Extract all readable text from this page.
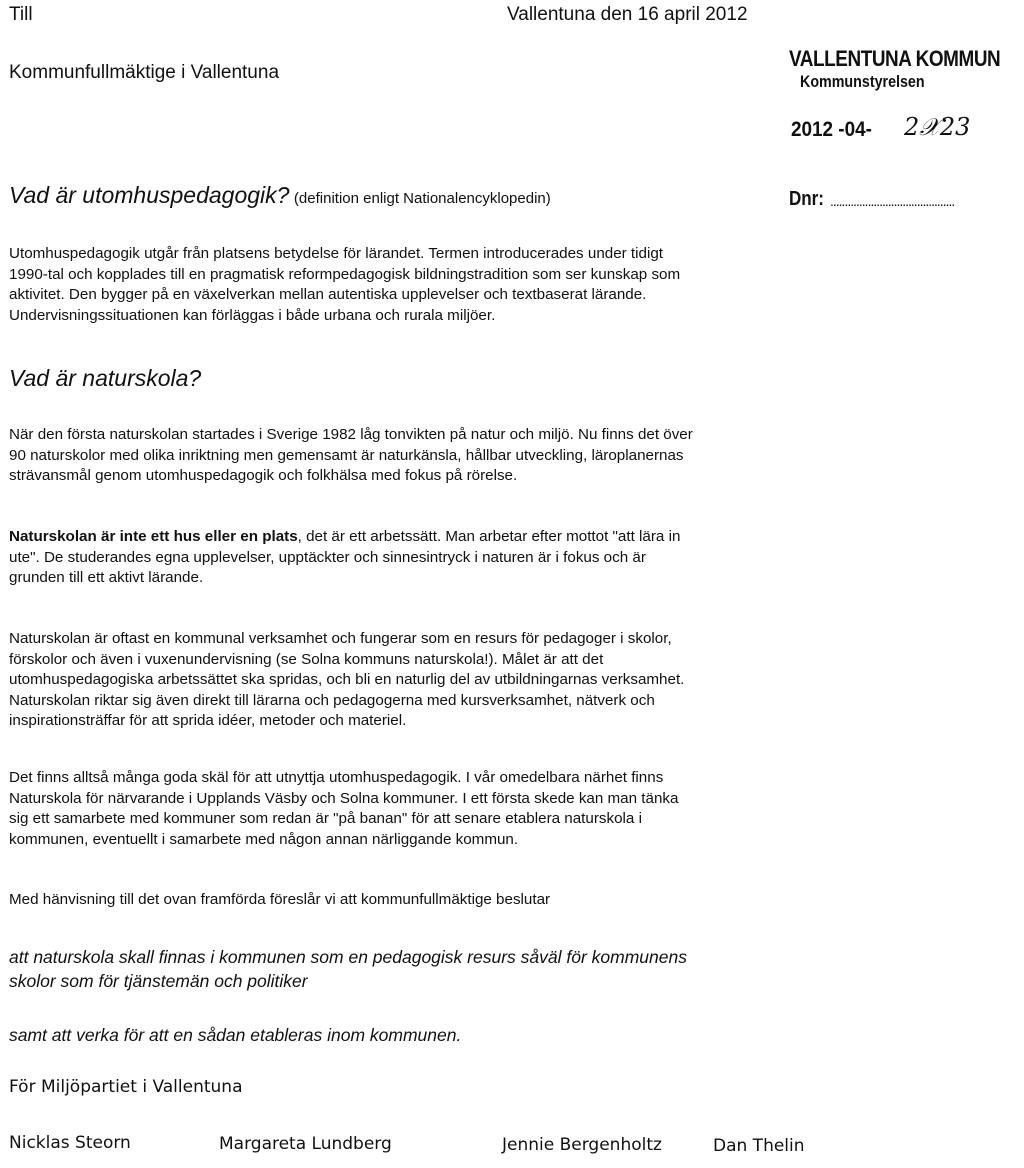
Till
Kommunfullmäktige i Vallentuna
Vallentuna den 16 april 2012
VALLENTUNA KOMMUN
Kommunstyrelsen
2012 -04- 2𝒳23
Dnr: ...........................................
Vad är utomhuspedagogik? (definition enligt Nationalencyklopedin)
Utomhuspedagogik utgår från platsens betydelse för lärandet. Termen introducerades under tidigt
1990-tal och kopplades till en pragmatisk reformpedagogisk bildningstradition som ser kunskap som
aktivitet. Den bygger på en växelverkan mellan autentiska upplevelser och textbaserat lärande.
Undervisningssituationen kan förläggas i både urbana och rurala miljöer.
Vad är naturskola?
När den första naturskolan startades i Sverige 1982 låg tonvikten på natur och miljö. Nu finns det över
90 naturskolor med olika inriktning men gemensamt är naturkänsla, hållbar utveckling, läroplanernas
strävansmål genom utomhuspedagogik och folkhälsa med fokus på rörelse.
Naturskolan är inte ett hus eller en plats, det är ett arbetssätt. Man arbetar efter mottot "att lära in
ute". De studerandes egna upplevelser, upptäckter och sinnesintryck i naturen är i fokus och är
grunden till ett aktivt lärande.
Naturskolan är oftast en kommunal verksamhet och fungerar som en resurs för pedagoger i skolor,
förskolor och även i vuxenundervisning (se Solna kommuns naturskola!). Målet är att det
utomhuspedagogiska arbetssättet ska spridas, och bli en naturlig del av utbildningarnas verksamhet.
Naturskolan riktar sig även direkt till lärarna och pedagogerna med kursverksamhet, nätverk och
inspirationsträffar för att sprida idéer, metoder och materiel.
Det finns alltså många goda skäl för att utnyttja utomhuspedagogik. I vår omedelbara närhet finns
Naturskola för närvarande i Upplands Väsby och Solna kommuner. I ett första skede kan man tänka
sig ett samarbete med kommuner som redan är "på banan" för att senare etablera naturskola i
kommunen, eventuellt i samarbete med någon annan närliggande kommun.
Med hänvisning till det ovan framförda föreslår vi att kommunfullmäktige beslutar
att naturskola skall finnas i kommunen som en pedagogisk resurs såväl för kommunens
skolor som för tjänstemän och politiker
samt att verka för att en sådan etableras inom kommunen.
För Miljöpartiet i Vallentuna
Nicklas Steorn	Margareta Lundberg	Jennie Bergenholtz	Dan Thelin
